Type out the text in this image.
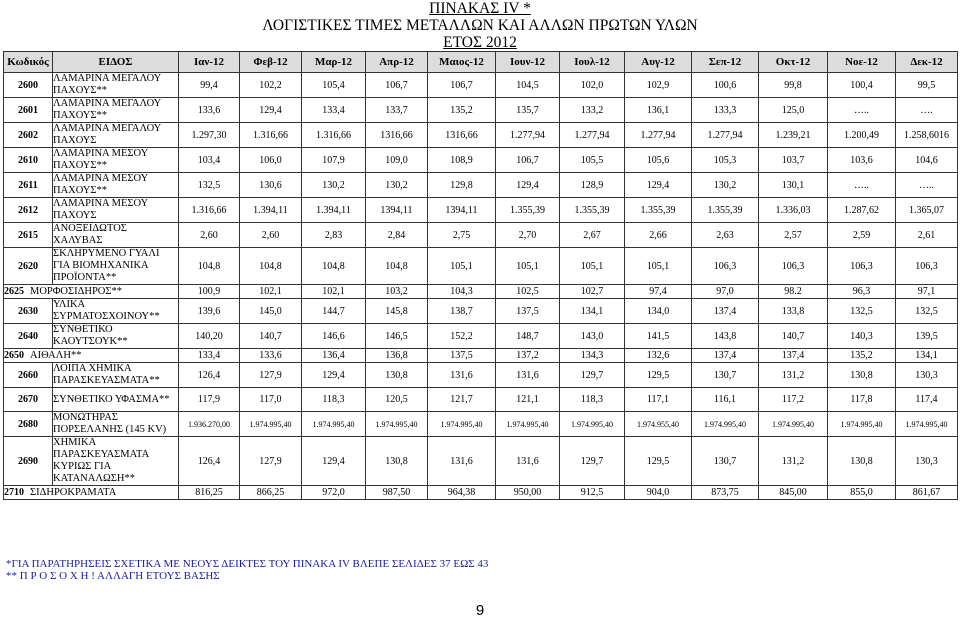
ΠΙΝΑΚΑΣ IV *
ΛΟΓΙΣΤΙΚΕΣ ΤΙΜΕΣ ΜΕΤΑΛΛΩΝ ΚΑΙ ΑΛΛΩΝ ΠΡΩΤΩΝ ΥΛΩΝ
ΕΤΟΣ 2012
Κωδικός	ΕΙΔΟΣ	Ιαν-12	Φεβ-12	Μαρ-12	Απρ-12	Μαιος-12	Ιουν-12	Ιουλ-12	Αυγ-12	Σεπ-12	Οκτ-12	Νοε-12	Δεκ-12
2600	ΛΑΜΑΡΙΝΑ ΜΕΓΑΛΟΥ ΠΑΧΟΥΣ**	99,4	102,2	105,4	106,7	106,7	104,5	102,0	102,9	100,6	99,8	100,4	99,5
2601	ΛΑΜΑΡΙΝΑ ΜΕΓΑΛΟΥ ΠΑΧΟΥΣ**	133,6	129,4	133,4	133,7	135,2	135,7	133,2	136,1	133,3	125,0	…..	….
2602	ΛΑΜΑΡΙΝΑ ΜΕΓΑΛΟΥ ΠΑΧΟΥΣ	1.297,30	1.316,66	1.316,66	1316,66	1316,66	1.277,94	1.277,94	1.277,94	1.277,94	1.239,21	1.200,49	1.258,6016
2610	ΛΑΜΑΡΙΝΑ ΜΕΣΟΥ ΠΑΧΟΥΣ**	103,4	106,0	107,9	109,0	108,9	106,7	105,5	105,6	105,3	103,7	103,6	104,6
2611	ΛΑΜΑΡΙΝΑ ΜΕΣΟΥ ΠΑΧΟΥΣ**	132,5	130,6	130,2	130,2	129,8	129,4	128,9	129,4	130,2	130,1	…..	…..
2612	ΛΑΜΑΡΙΝΑ ΜΕΣΟΥ ΠΑΧΟΥΣ	1.316,66	1.394,11	1.394,11	1394,11	1394,11	1.355,39	1.355,39	1.355,39	1.355,39	1.336,03	1.287,62	1.365,07
2615	ΑΝΟΞΕΙΔΩΤΟΣ ΧΑΛΥΒΑΣ	2,60	2,60	2,83	2,84	2,75	2,70	2,67	2,66	2,63	2,57	2,59	2,61
2620	ΣΚΛΗΡΥΜΕΝΟ ΓΥΑΛΙ ΓΙΑ ΒΙΟΜΗΧΑΝΙΚΑ ΠΡΟΪΟΝΤΑ**	104,8	104,8	104,8	104,8	105,1	105,1	105,1	105,1	106,3	106,3	106,3	106,3
2625 ΜΟΡΦΟΣΙΔΗΡΟΣ**		100,9	102,1	102,1	103,2	104,3	102,5	102,7	97,4	97,0	98.2	96,3	97,1
2630	ΥΛΙΚΑ ΣΥΡΜΑΤΟΣΧΟΙΝΟΥ**	139,6	145,0	144,7	145,8	138,7	137,5	134,1	134,0	137,4	133,8	132,5	132,5
2640	ΣΥΝΘΕΤΙΚΟ ΚΑΟΥΤΣΟΥΚ**	140,20	140,7	146,6	146,5	152,2	148,7	143,0	141,5	143,8	140,7	140,3	139,5
2650 ΑΙΘΑΛΗ**		133,4	133,6	136,4	136,8	137,5	137,2	134,3	132,6	137,4	137,4	135,2	134,1
2660	ΛΟΙΠΑ ΧΗΜΙΚΑ ΠΑΡΑΣΚΕΥΑΣΜΑΤΑ**	126,4	127,9	129,4	130,8	131,6	131,6	129,7	129,5	130,7	131,2	130,8	130,3
2670	ΣΥΝΘΕΤΙΚΟ ΥΦΑΣΜΑ**	117,9	117,0	118,3	120,5	121,7	121,1	118,3	117,1	116,1	117,2	117,8	117,4
2680	ΜΟΝΩΤΗΡΑΣ ΠΟΡΣΕΛΑΝΗΣ (145 KV)	1.936.270,00	1.974.995,40	1.974.995,40	1.974.995,40	1.974.995,40	1.974.995,40	1.974.995,40	1.974.955,40	1.974.995,40	1.974.995,40	1.974.995,40	1.974.995,40
2690	ΧΗΜΙΚΑ ΠΑΡΑΣΚΕΥΑΣΜΑΤΑ ΚΥΡΙΩΣ ΓΙΑ ΚΑΤΑΝΑΛΩΣΗ**	126,4	127,9	129,4	130,8	131,6	131,6	129,7	129,5	130,7	131,2	130,8	130,3
2710 ΣΙΔΗΡΟΚΡΑΜΑΤΑ		816,25	866,25	972,0	987,50	964,38	950,00	912,5	904,0	873,75	845,00	855,0	861,67
*ΓΙΑ ΠΑΡΑΤΗΡΗΣΕΙΣ ΣΧΕΤΙΚΑ ΜΕ ΝΕΟΥΣ ΔΕΙΚΤΕΣ ΤΟΥ ΠΙΝΑΚΑ IV ΒΛΕΠΕ ΣΕΛΙΔΕΣ 37 ΕΩΣ 43
** Π Ρ Ο Σ Ο Χ Η ! ΑΛΛΑΓΗ ΕΤΟΥΣ ΒΑΣΗΣ
9
